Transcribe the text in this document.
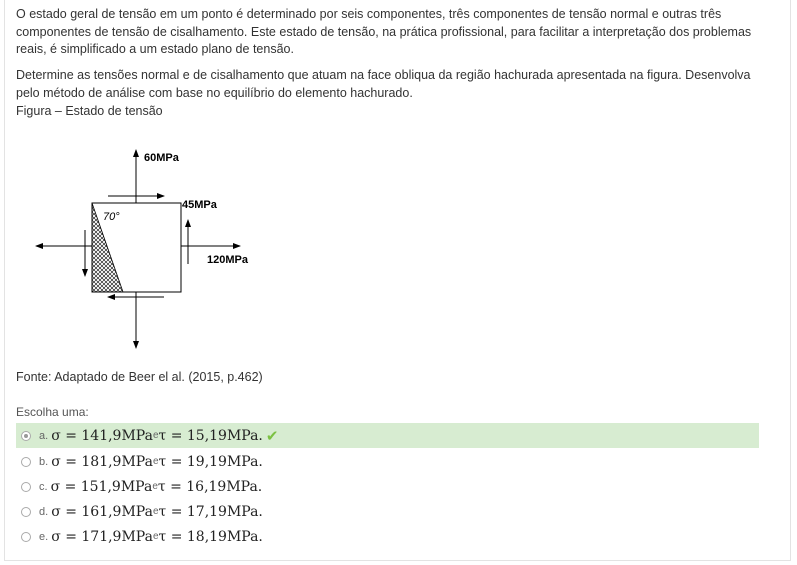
O estado geral de tensão em um ponto é determinado por seis componentes, três componentes de tensão normal e outras três componentes de tensão de cisalhamento. Este estado de tensão, na prática profissional, para facilitar a interpretação dos problemas reais, é simplificado a um estado plano de tensão.

Determine as tensões normal e de cisalhamento que atuam na face obliqua da região hachurada apresentada na figura. Desenvolva pelo método de análise com base no equilíbrio do elemento hachurado.

Figura – Estado de tensão

60MPa
45MPa
120MPa
70°

Fonte: Adaptado de Beer el al. (2015, p.462)

Escolha uma:
a. σ = 141,9MPa e τ = 15,19MPa. ✔
b. σ = 181,9MPa e τ = 19,19MPa.
c. σ = 151,9MPa e τ = 16,19MPa.
d. σ = 161,9MPa e τ = 17,19MPa.
e. σ = 171,9MPa e τ = 18,19MPa.
